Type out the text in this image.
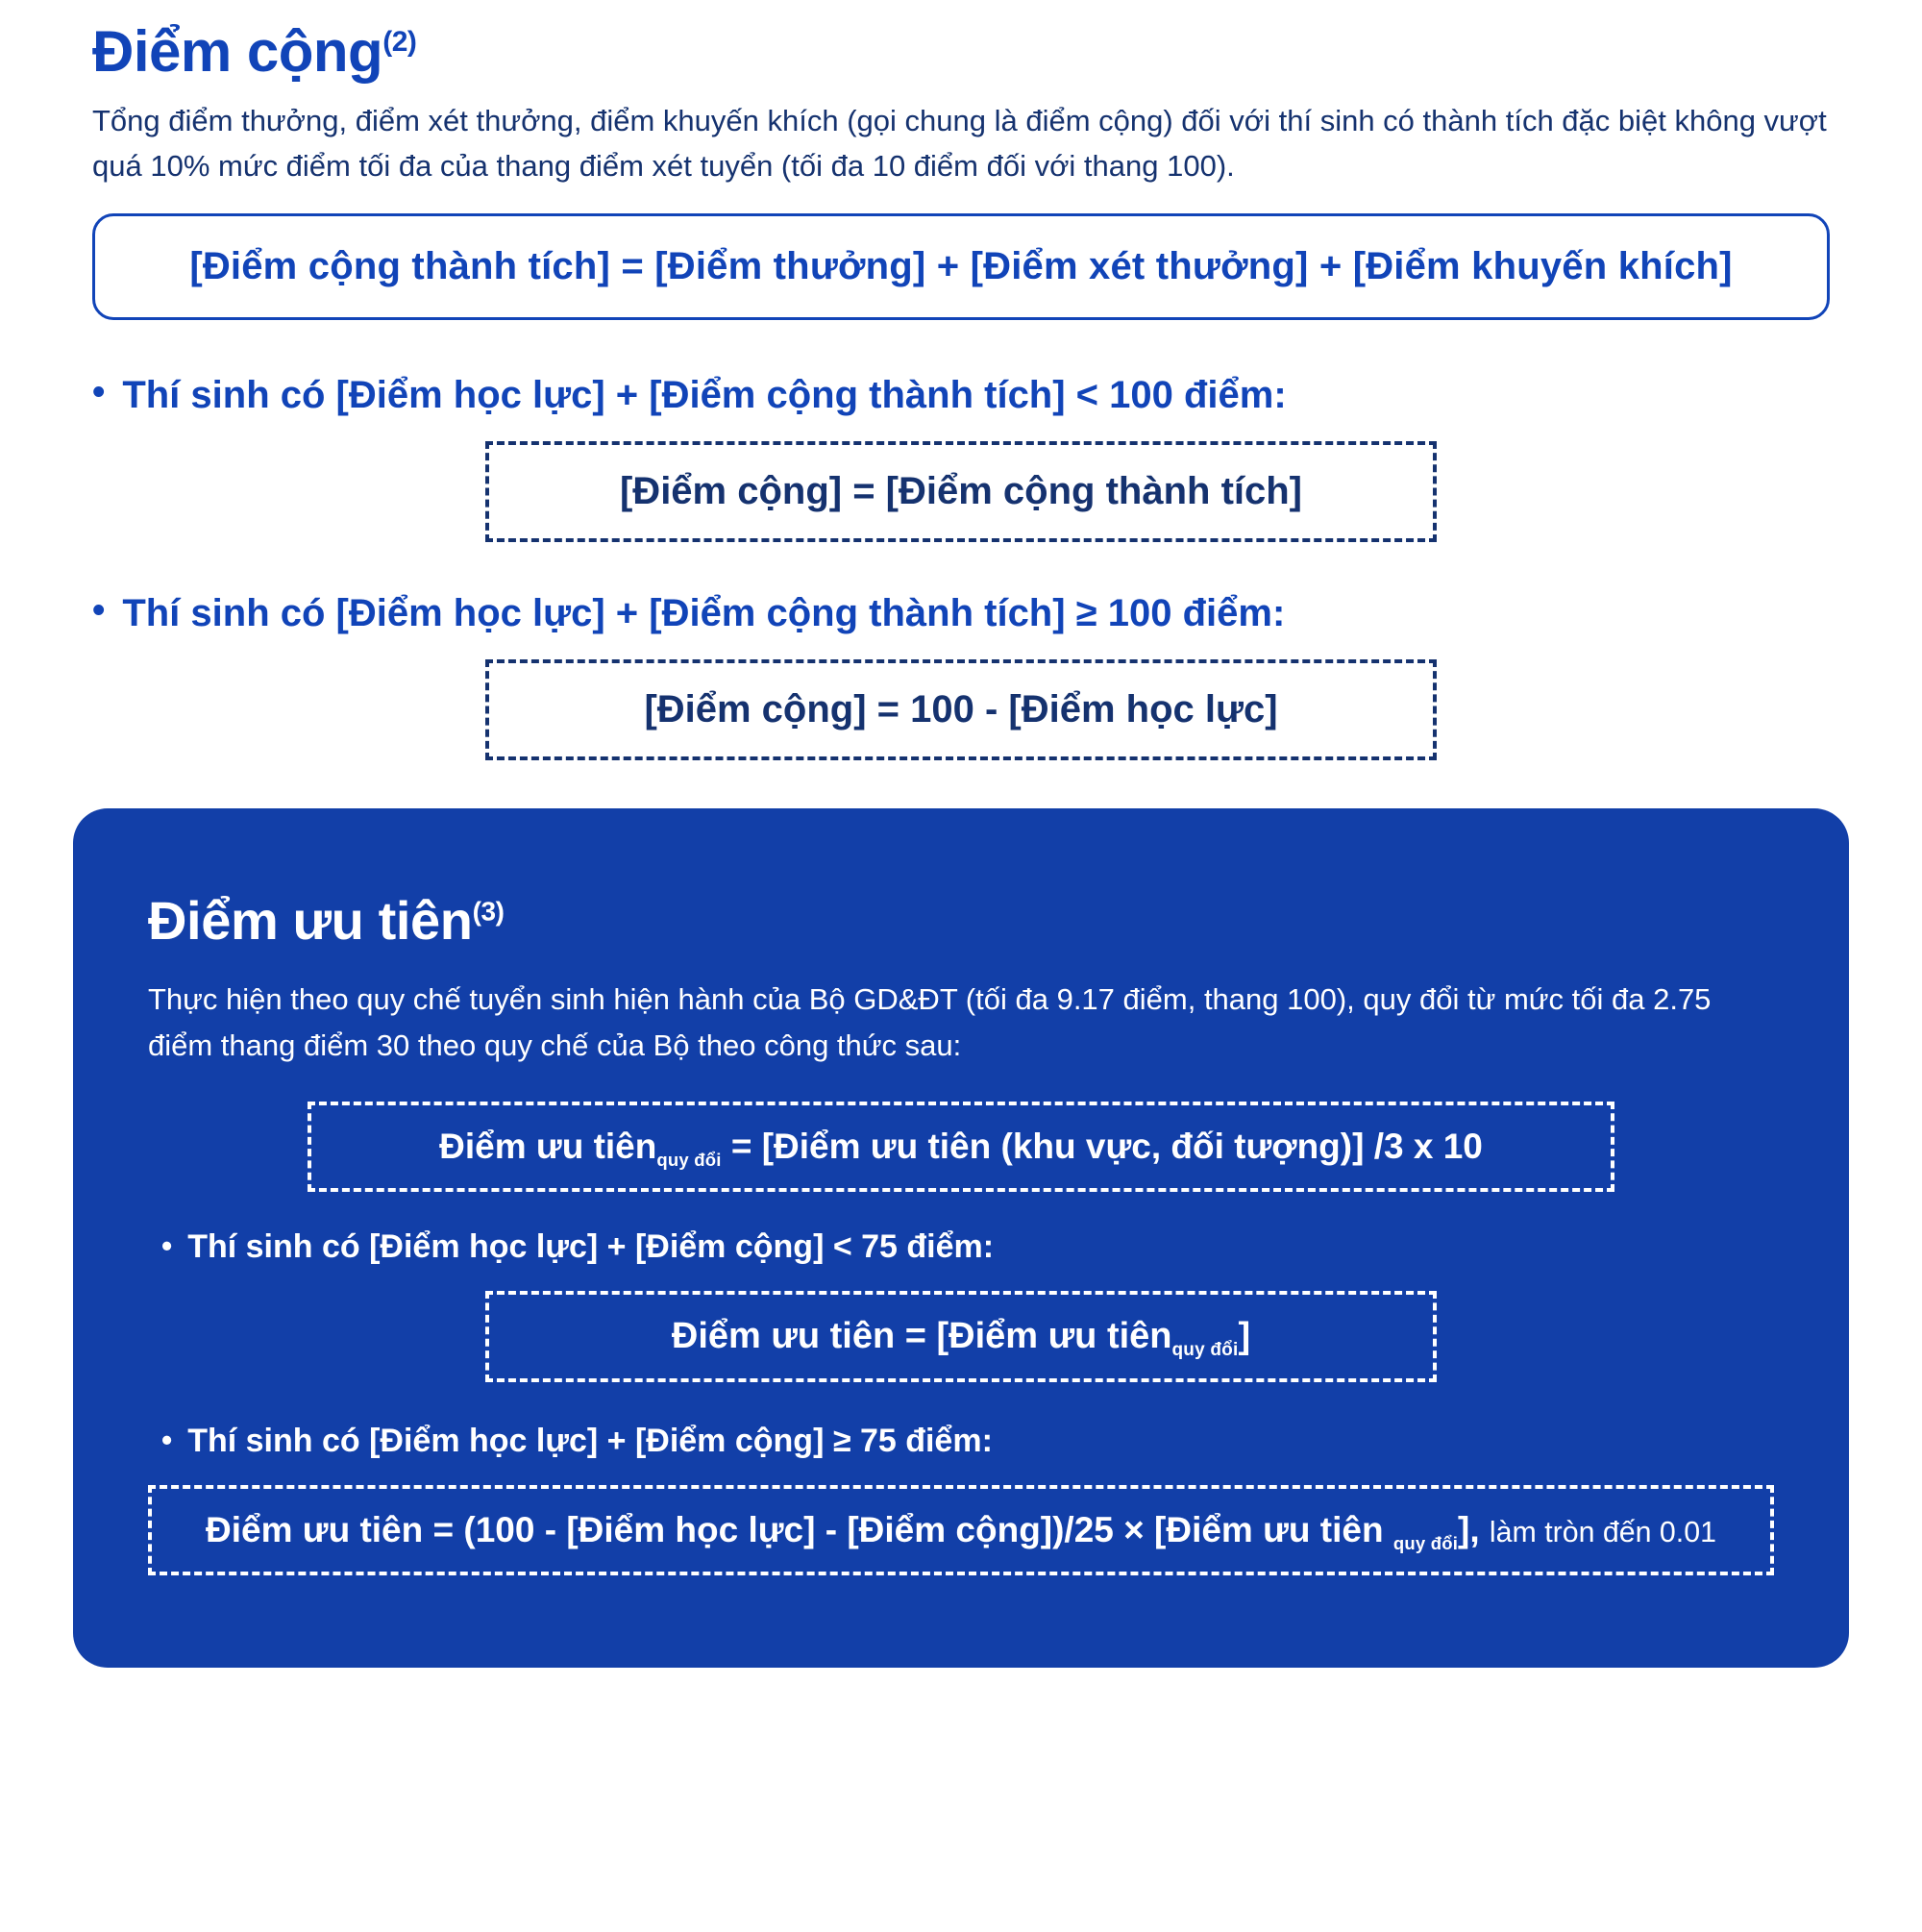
Điểm cộng$^{(2)}$

Tổng điểm thưởng, điểm xét thưởng, điểm khuyến khích (gọi chung là điểm cộng) đối với thí sinh có thành tích đặc biệt không vượt quá 10% mức điểm tối đa của thang điểm xét tuyển (tối đa 10 điểm đối với thang 100).

[Điểm cộng thành tích] = [Điểm thưởng] + [Điểm xét thưởng] + [Điểm khuyến khích]
• Thí sinh có [Điểm học lực] + [Điểm cộng thành tích] < 100 điểm:
[Điểm cộng] = [Điểm cộng thành tích]
• Thí sinh có [Điểm học lực] + [Điểm cộng thành tích] ≥ 100 điểm:
[Điểm cộng] = 100 - [Điểm học lực]
Điểm ưu tiên$^{(3)}$

Thực hiện theo quy chế tuyển sinh hiện hành của Bộ GD&ĐT (tối đa 9.17 điểm, thang 100), quy đổi từ mức tối đa 2.75 điểm thang điểm 30 theo quy chế của Bộ theo công thức sau:

Điểm ưu tiên$_{quy đổi}$ = [Điểm ưu tiên (khu vực, đối tượng)] /3 x 10
• Thí sinh có [Điểm học lực] + [Điểm cộng] < 75 điểm:
Điểm ưu tiên = [Điểm ưu tiên$_{quy đổi}$]
• Thí sinh có [Điểm học lực] + [Điểm cộng] ≥ 75 điểm:
Điểm ưu tiên = (100 - [Điểm học lực] - [Điểm cộng])/25 × [Điểm ưu tiên $_{quy đổi}$], làm tròn đến 0.01
